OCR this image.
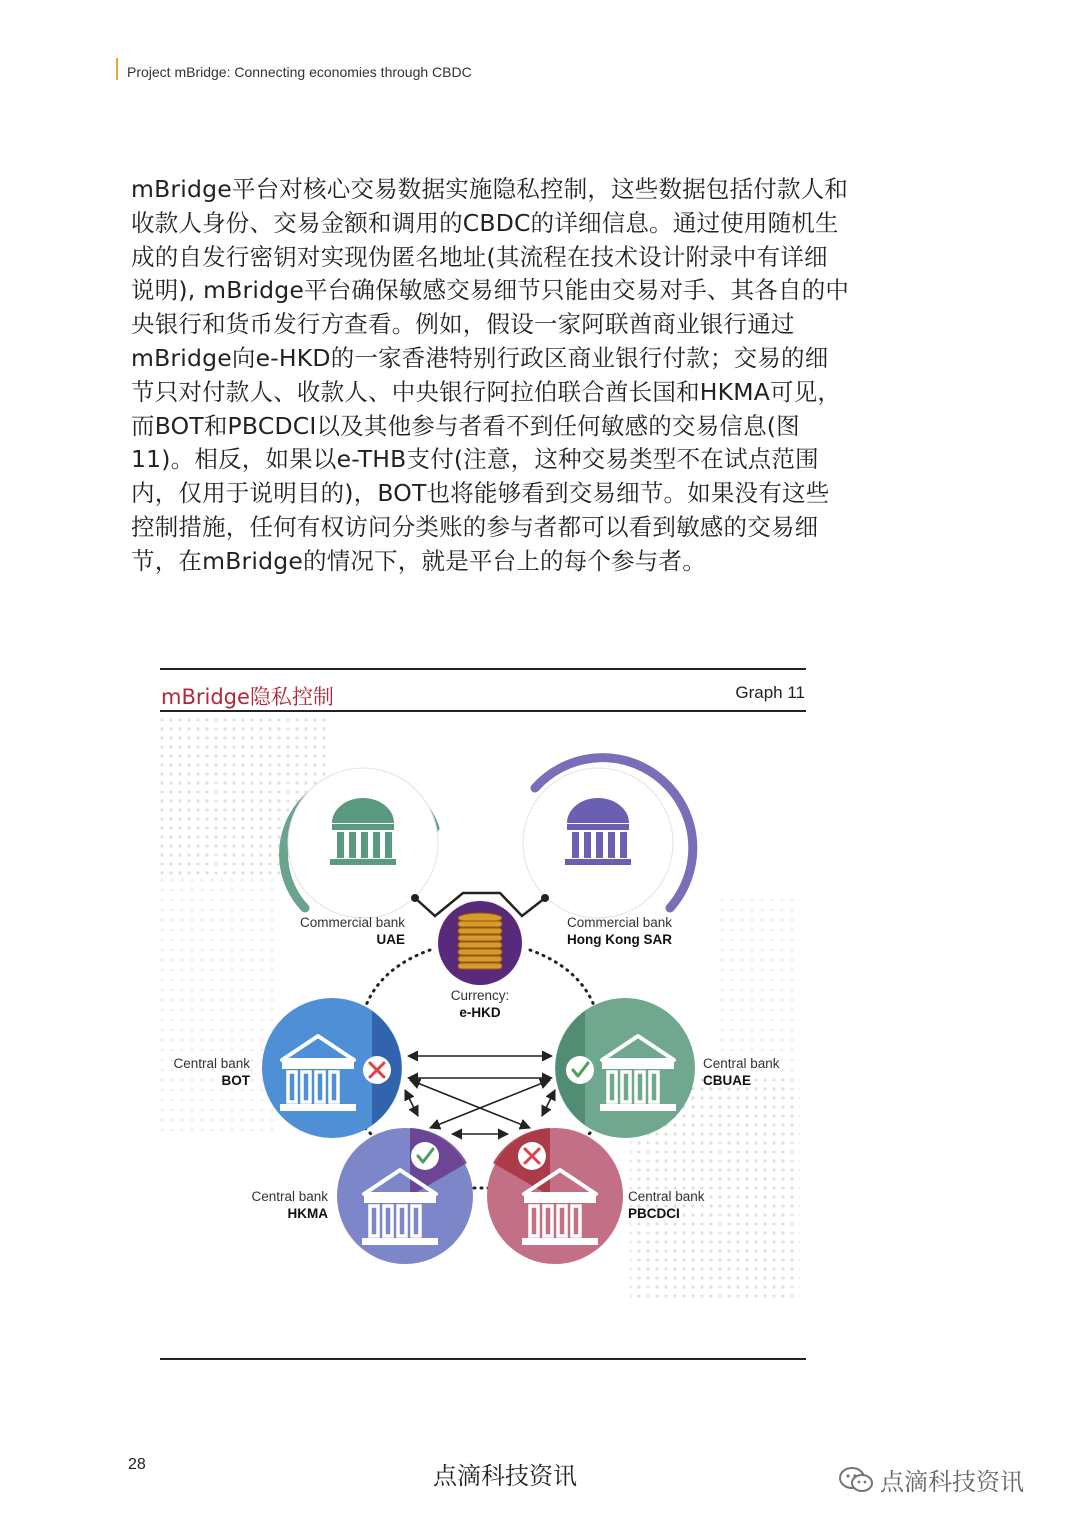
Project mBridge: Connecting economies through CBDC

mBridge平台对核心交易数据实施隐私控制，这些数据包括付款人和收款人身份、交易金额和调用的CBDC的详细信息。通过使用随机生成的自发行密钥对实现伪匿名地址(其流程在技术设计附录中有详细说明), mBridge平台确保敏感交易细节只能由交易对手、其各自的中央银行和货币发行方查看。例如，假设一家阿联酋商业银行通过mBridge向e-HKD的一家香港特别行政区商业银行付款；交易的细节只对付款人、收款人、中央银行阿拉伯联合酋长国和HKMA可见，而BOT和PBCDCI以及其他参与者看不到任何敏感的交易信息(图11)。相反，如果以e-THB支付(注意，这种交易类型不在试点范围内，仅用于说明目的)，BOT也将能够看到交易细节。如果没有这些控制措施，任何有权访问分类账的参与者都可以看到敏感的交易细节，在mBridge的情况下，就是平台上的每个参与者。

mBridge隐私控制	Graph 11
Commercial bank
UAE
Commercial bank
Hong Kong SAR
Currency:
e-HKD
Central bank
BOT
Central bank
CBUAE
Central bank
HKMA
Central bank
PBCDCI
28	点滴科技资讯	点滴科技资讯
